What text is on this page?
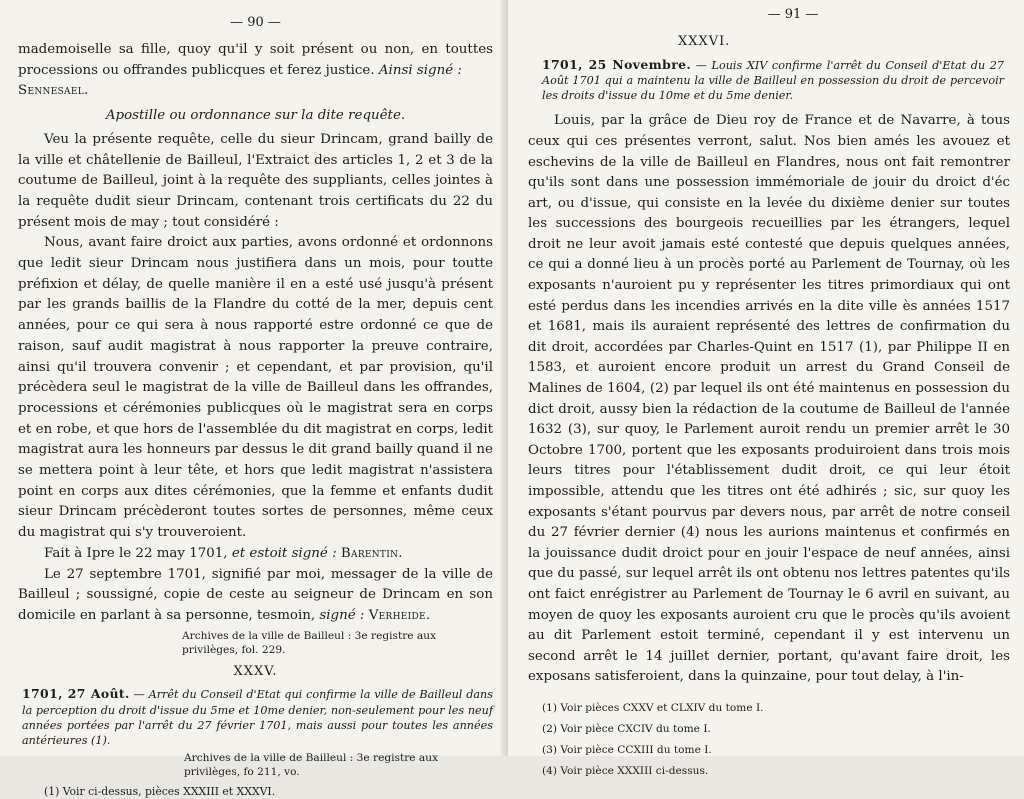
— 90 —

mademoiselle sa fille, quoy qu'il y soit présent ou non, en touttes processions ou offrandes publicques et ferez justice. Ainsi signé :
Sennesael.

Apostille ou ordonnance sur la dite requête.

Veu la présente requête, celle du sieur Drincam, grand bailly de la ville et châtellenie de Bailleul, l'Extraict des articles 1, 2 et 3 de la coutume de Bailleul, joint à la requête des suppliants, celles jointes à la requête dudit sieur Drincam, contenant trois certificats du 22 du présent mois de may ; tout considéré :

Nous, avant faire droict aux parties, avons ordonné et ordonnons que ledit sieur Drincam nous justifiera dans un mois, pour toutte préfixion et délay, de quelle manière il en a esté usé jusqu'à présent par les grands baillis de la Flandre du cotté de la mer, depuis cent années, pour ce qui sera à nous rapporté estre ordonné ce que de raison, sauf audit magistrat à nous rapporter la preuve contraire, ainsi qu'il trouvera convenir ; et cependant, et par provision, qu'il précèdera seul le magistrat de la ville de Bailleul dans les offrandes, processions et cérémonies publicques où le magistrat sera en corps et en robe, et que hors de l'assemblée du dit magistrat en corps, ledit magistrat aura les honneurs par dessus le dit grand bailly quand il ne se mettera point à leur tête, et hors que ledit magistrat n'assistera point en corps aux dites cérémonies, que la femme et enfants dudit sieur Drincam précèderont toutes sortes de personnes, même ceux du magistrat qui s'y trouveroient.

Fait à Ipre le 22 may 1701, et estoit signé : Barentin.

Le 27 septembre 1701, signifié par moi, messager de la ville de Bailleul ; soussigné, copie de ceste au seigneur de Drincam en son domicile en parlant à sa personne, tesmoin, signé : Verheide.

Archives de la ville de Bailleul : 3e registre aux privilèges, fol. 229.
XXXV.
1701, 27 Août. — Arrêt du Conseil d'Etat qui confirme la ville de Bailleul dans la perception du droit d'issue du 5me et 10me denier, non-seulement pour les neuf années portées par l'arrêt du 27 février 1701, mais aussi pour toutes les années antérieures (1).
Archives de la ville de Bailleul : 3e registre aux privilèges, fo 211, vo.
(1) Voir ci-dessus, pièces XXXIII et XXXVI.
— 91 —
XXXVI.
1701, 25 Novembre. — Louis XIV confirme l'arrêt du Conseil d'Etat du 27 Août 1701 qui a maintenu la ville de Bailleul en possession du droit de percevoir les droits d'issue du 10me et du 5me denier.

Louis, par la grâce de Dieu roy de France et de Navarre, à tous ceux qui ces présentes verront, salut. Nos bien amés les avouez et eschevins de la ville de Bailleul en Flandres, nous ont fait remontrer qu'ils sont dans une possession immémoriale de jouir du droict d'éc art, ou d'issue, qui consiste en la levée du dixième denier sur toutes les successions des bourgeois recueillies par les étrangers, lequel droit ne leur avoit jamais esté contesté que depuis quelques années, ce qui a donné lieu à un procès porté au Parlement de Tournay, où les exposants n'auroient pu y représenter les titres primordiaux qui ont esté perdus dans les incendies arrivés en la dite ville ès années 1517 et 1681, mais ils auraient représenté des lettres de confirmation du dit droit, accordées par Charles-Quint en 1517 (1), par Philippe II en 1583, et auroient encore produit un arrest du Grand Conseil de Malines de 1604, (2) par lequel ils ont été maintenus en possession du dict droit, aussy bien la rédaction de la coutume de Bailleul de l'année 1632 (3), sur quoy, le Parlement auroit rendu un premier arrêt le 30 Octobre 1700, portent que les exposants produiroient dans trois mois leurs titres pour l'établissement dudit droit, ce qui leur étoit impossible, attendu que les titres ont été adhirés ; sic, sur quoy les exposants s'étant pourvus par devers nous, par arrêt de notre conseil du 27 février dernier (4) nous les aurions maintenus et confirmés en la jouissance dudit droict pour en jouir l'espace de neuf années, ainsi que du passé, sur lequel arrêt ils ont obtenu nos lettres patentes qu'ils ont faict enrégistrer au Parlement de Tournay le 6 avril en suivant, au moyen de quoy les exposants auroient cru que le procès qu'ils avoient au dit Parlement estoit terminé, cependant il y est intervenu un second arrêt le 14 juillet dernier, portant, qu'avant faire droit, les exposans satisferoient, dans la quinzaine, pour tout delay, à l'in-

(1) Voir pièces CXXV et CLXIV du tome I.
(2) Voir pièce CXCIV du tome I.
(3) Voir pièce CCXIII du tome I.
(4) Voir pièce XXXIII ci-dessus.
